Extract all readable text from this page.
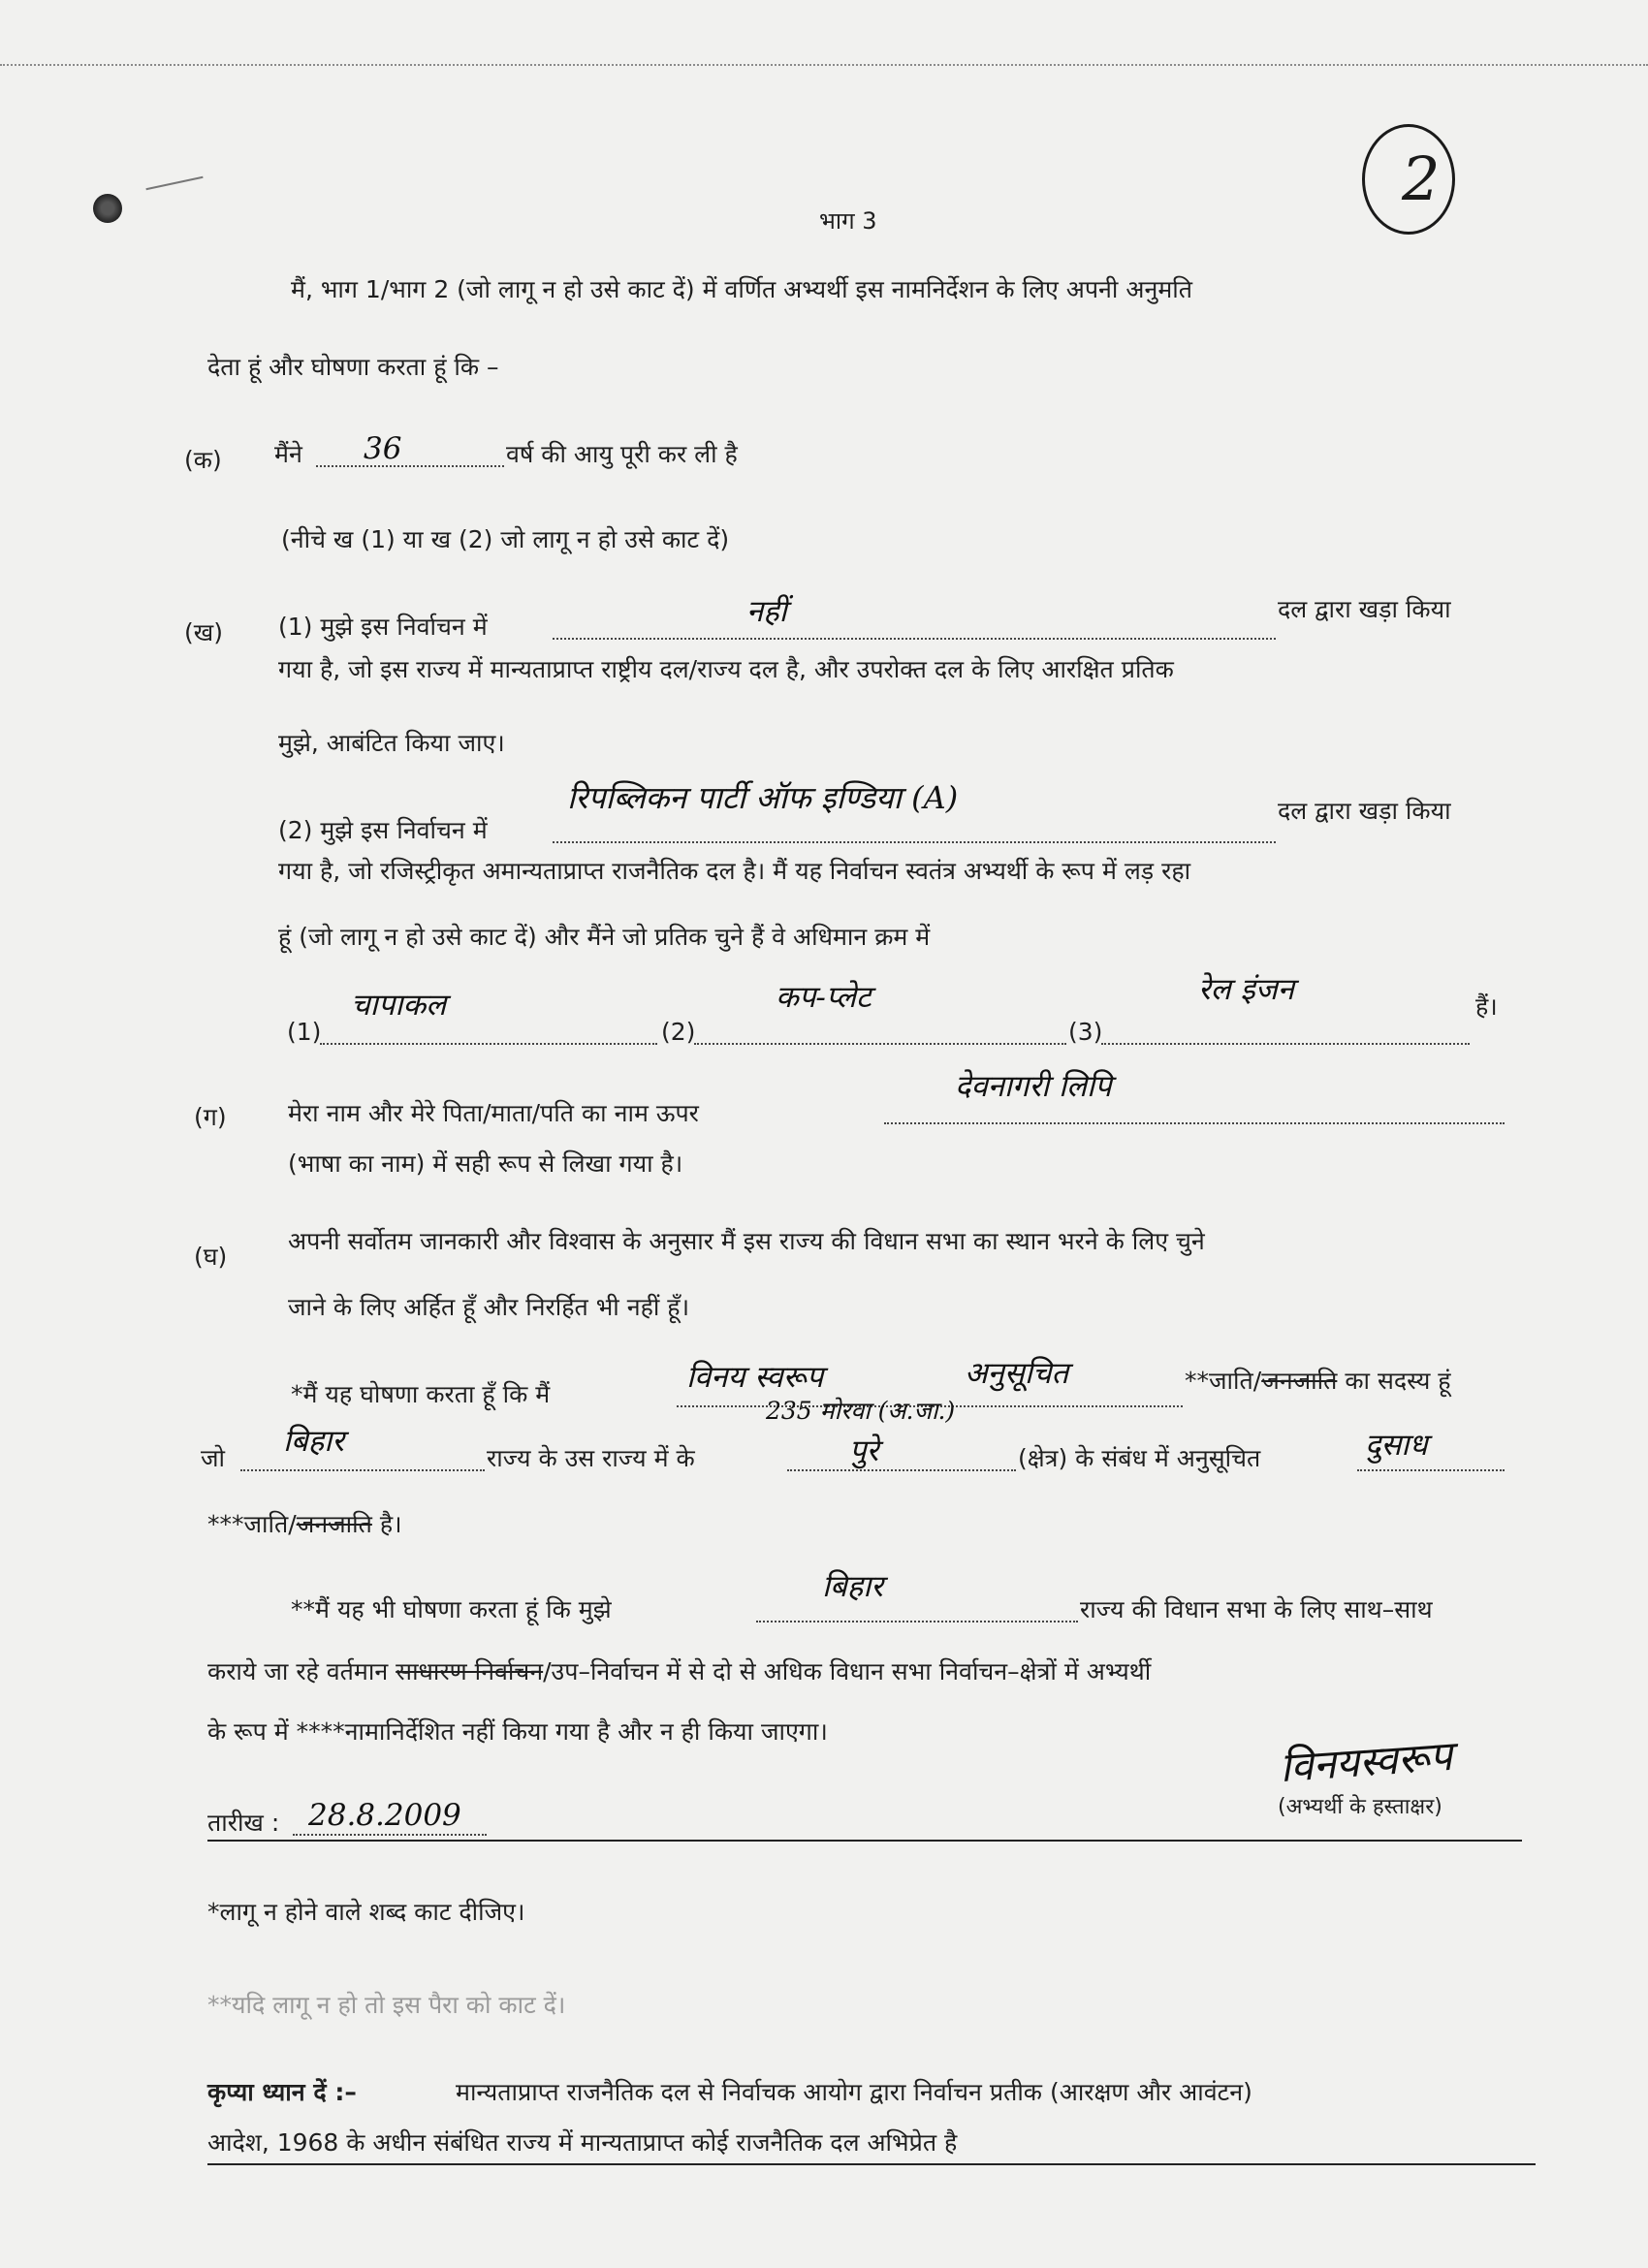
2
भाग 3
मैं, भाग 1/भाग 2 (जो लागू न हो उसे काट दें) में वर्णित अभ्यर्थी इस नामनिर्देशन के लिए अपनी अनुमति
देता हूं और घोषणा करता हूं कि –
(क) मैंने 36	वर्ष की आयु पूरी कर ली है
(नीचे ख (1) या ख (2) जो लागू न हो उसे काट दें)
(ख) (1) मुझे इस निर्वाचन में	नहीं	दल द्वारा खड़ा किया
गया है, जो इस राज्य में मान्यताप्राप्त राष्ट्रीय दल/राज्य दल है, और उपरोक्त दल के लिए आरक्षित प्रतिक
मुझे, आबंटित किया जाए।
(2) मुझे इस निर्वाचन में
रिपब्लिकन पार्टी ऑफ इण्डिया (A)	दल द्वारा खड़ा किया
गया है, जो रजिस्ट्रीकृत अमान्यताप्राप्त राजनैतिक दल है। मैं यह निर्वाचन स्वतंत्र अभ्यर्थी के रूप में लड़ रहा
हूं (जो लागू न हो उसे काट दें) और मैंने जो प्रतिक चुने हैं वे अधिमान क्रम में
(1)
चापाकल
(2)
कप-प्लेट
(3)
रेल इंजन	हैं।
(ग)	मेरा नाम और मेरे पिता/माता/पति का नाम ऊपर
देवनागरी लिपि
(भाषा का नाम) में सही रूप से लिखा गया है।
(घ)
अपनी सर्वोतम जानकारी और विश्वास के अनुसार मैं इस राज्य की विधान सभा का स्थान भरने के लिए चुने
जाने के लिए अर्हित हूँ और निरर्हित भी नहीं हूँ।
*मैं यह घोषणा करता हूँ कि मैं	विनय स्वरूप	अनुसूचित	**जाति/जनजाति का सदस्य हूं
जो बिहार	राज्य के उस राज्य में के
235 मोरवा (अ.जा.)
पुरे	(क्षेत्र) के संबंध में अनुसूचित	दुसाध
***जाति/जनजाति है।
**मैं यह भी घोषणा करता हूं कि मुझे
बिहार
राज्य की विधान सभा के लिए साथ–साथ
कराये जा रहे वर्तमान साधारण निर्वाचन/उप–निर्वाचन में से दो से अधिक विधान सभा निर्वाचन–क्षेत्रों में अभ्यर्थी
के रूप में ****नामानिर्देशित नहीं किया गया है और न ही किया जाएगा।
तारीख : 28.8.2009
विनयस्वरूप
(अभ्यर्थी के हस्ताक्षर)
*लागू न होने वाले शब्द काट दीजिए।
**यदि लागू न हो तो इस पैरा को काट दें।
कृप्या ध्यान दें :–	मान्यताप्राप्त राजनैतिक दल से निर्वाचक आयोग द्वारा निर्वाचन प्रतीक (आरक्षण और आवंटन)
आदेश, 1968 के अधीन संबंधित राज्य में मान्यताप्राप्त कोई राजनैतिक दल अभिप्रेत है
